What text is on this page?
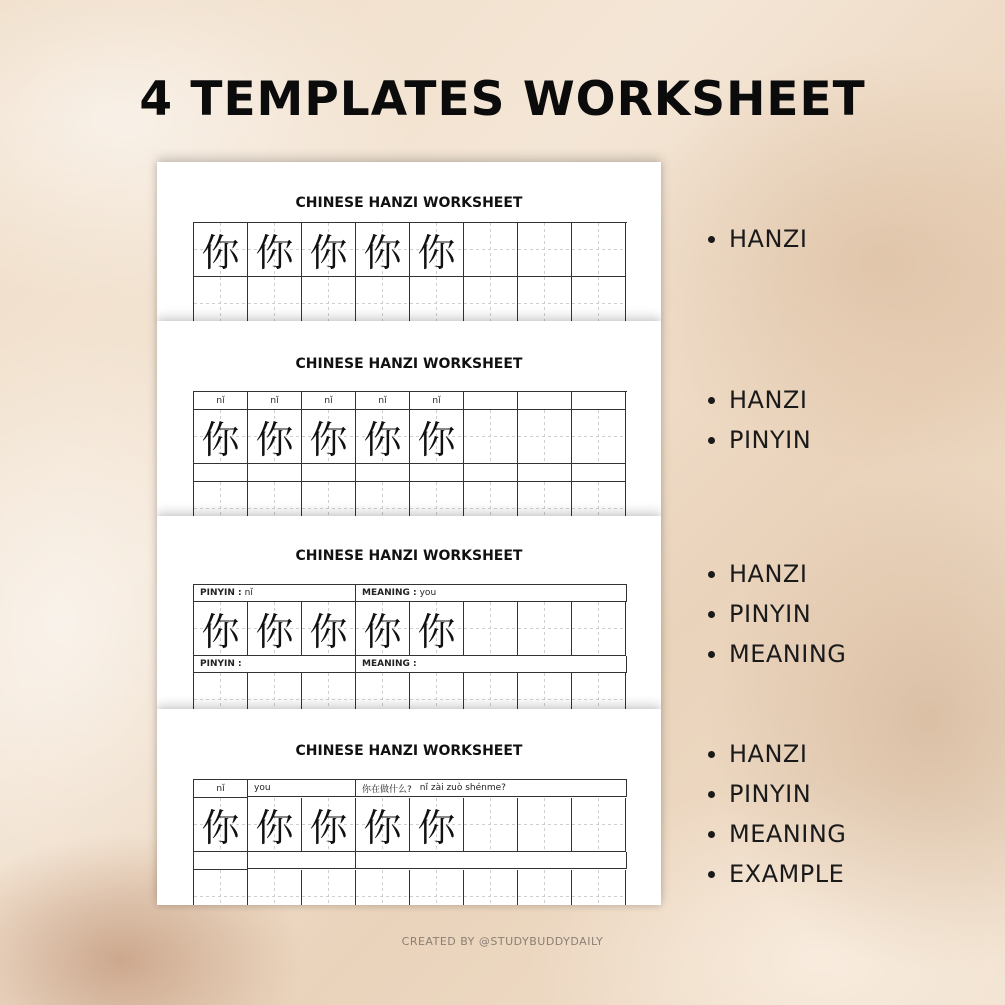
4 TEMPLATES WORKSHEET
CHINESE HANZI WORKSHEET
你 你 你 你 你
CHINESE HANZI WORKSHEET
nǐ	nǐ	nǐ	nǐ	nǐ
你 你 你 你 你
CHINESE HANZI WORKSHEET
PINYIN : nǐ	MEANING : you
你 你 你 你 你
PINYIN :	MEANING :
CHINESE HANZI WORKSHEET
nǐ	you	你在做什么? nǐ zài zuò shénme?
你 你 你 你 你
HANZI
HANZI
PINYIN
HANZI
PINYIN
MEANING
HANZI
PINYIN
MEANING
EXAMPLE
CREATED BY @STUDYBUDDYDAILY
